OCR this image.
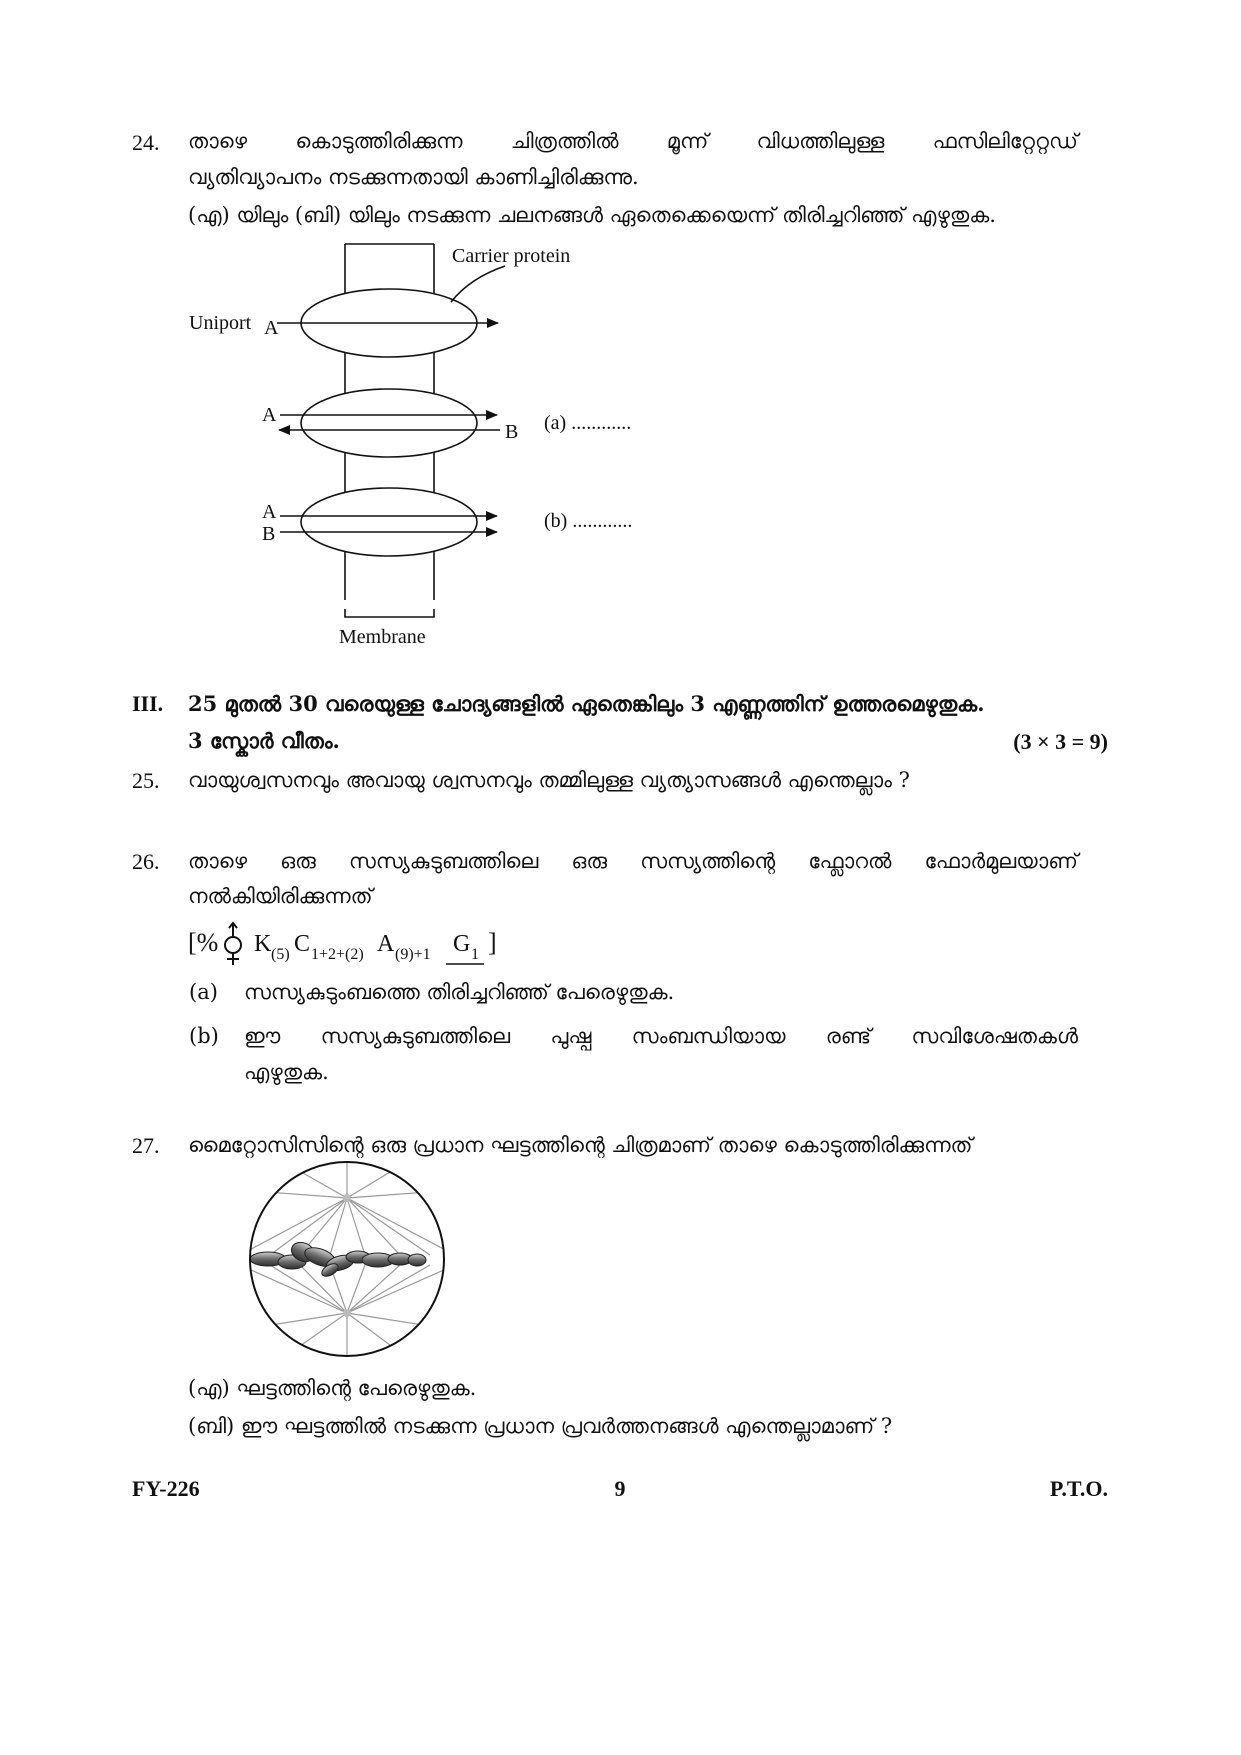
24. താഴെ കൊടുത്തിരിക്കുന്ന ചിത്രത്തിൽ മൂന്ന് വിധത്തിലുള്ള ഫസിലിറ്റേറ്റഡ്
വ്യതിവ്യാപനം നടക്കുന്നതായി കാണിച്ചിരിക്കുന്നു.
(എ) യിലും (ബി) യിലും നടക്കുന്ന ചലനങ്ങൾ ഏതെക്കെയെന്ന് തിരിച്ചറിഞ്ഞ് എഴുതുക.
Carrier protein
Uniport A
A
B (a) ............
A
B
(b) ............
Membrane
III. 25 മുതൽ 30 വരെയുള്ള ചോദ്യങ്ങളിൽ ഏതെങ്കിലും 3 എണ്ണത്തിന് ഉത്തരമെഴുതുക.
3 സ്കോർ വീതം.	(3 × 3 = 9)
25. വായുശ്വസനവും അവായു ശ്വസനവും തമ്മിലുള്ള വ്യത്യാസങ്ങൾ എന്തെല്ലാം ?
26. താഴെ ഒരു സസ്യകുടുബത്തിലെ ഒരു സസ്യത്തിന്റെ ഫ്ലോറൽ ഫോർമുലയാണ്
നൽകിയിരിക്കുന്നത്
[% K (5) C 1+2+(2) A (9)+1 G 1 ]
(a) സസ്യകുടുംബത്തെ തിരിച്ചറിഞ്ഞ് പേരെഴുതുക.
(b) ഈ സസ്യകുടുബത്തിലെ പുഷ്പ സംബന്ധിയായ രണ്ട് സവിശേഷതകൾ
എഴുതുക.
27. മൈറ്റോസിസിന്റെ ഒരു പ്രധാന ഘട്ടത്തിന്റെ ചിത്രമാണ് താഴെ കൊടുത്തിരിക്കുന്നത്
(എ) ഘട്ടത്തിന്റെ പേരെഴുതുക.
(ബി) ഈ ഘട്ടത്തിൽ നടക്കുന്ന പ്രധാന പ്രവർത്തനങ്ങൾ എന്തെല്ലാമാണ് ?
FY-226	9	P.T.O.
